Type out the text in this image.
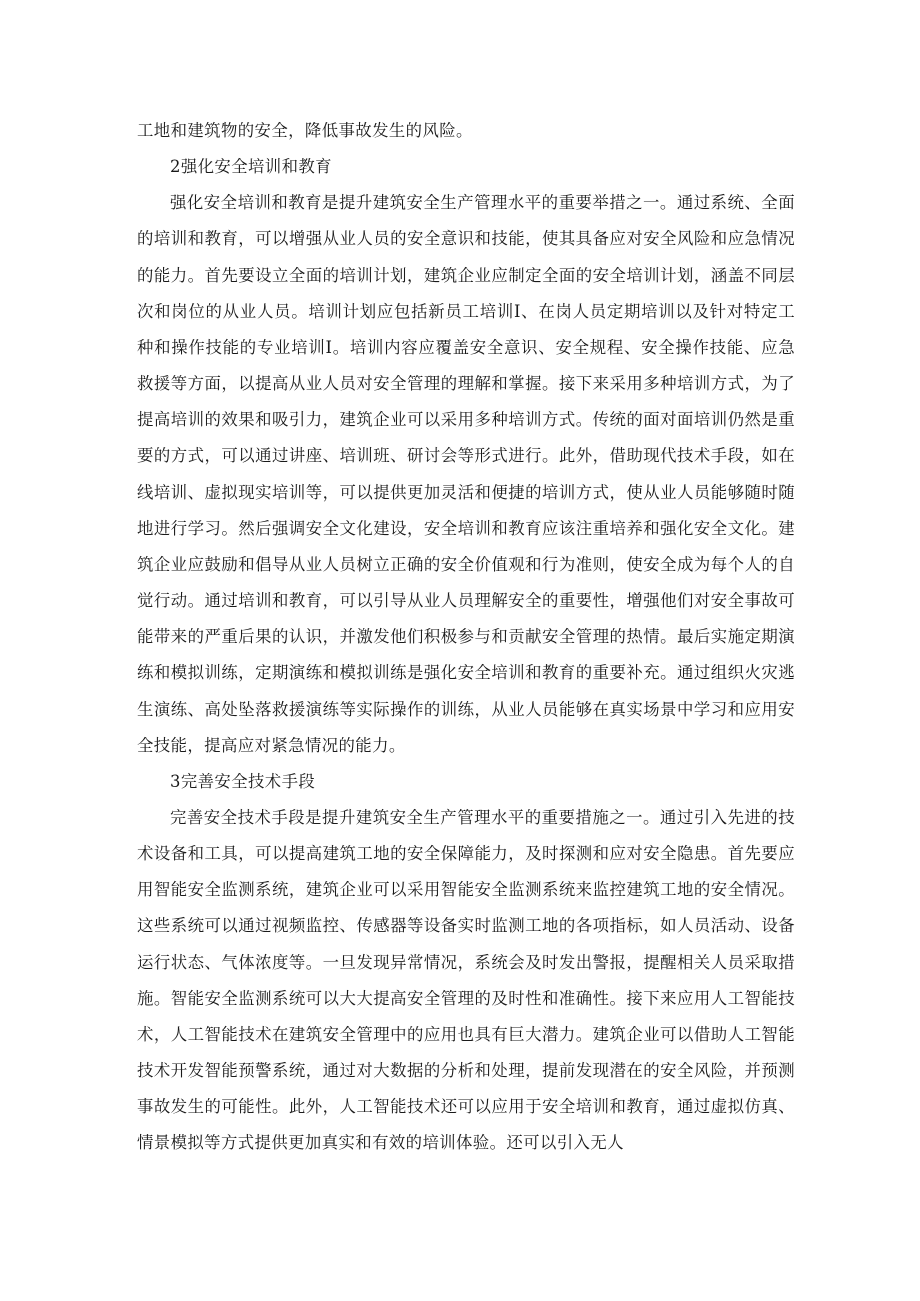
工地和建筑物的安全，降低事故发生的风险。

2强化安全培训和教育

强化安全培训和教育是提升建筑安全生产管理水平的重要举措之一。通过系统、全面的培训和教育，可以增强从业人员的安全意识和技能，使其具备应对安全风险和应急情况的能力。首先要设立全面的培训计划，建筑企业应制定全面的安全培训计划，涵盖不同层次和岗位的从业人员。培训计划应包括新员工培训I、在岗人员定期培训以及针对特定工种和操作技能的专业培训I。培训内容应覆盖安全意识、安全规程、安全操作技能、应急救援等方面，以提高从业人员对安全管理的理解和掌握。接下来采用多种培训方式，为了提高培训的效果和吸引力，建筑企业可以采用多种培训方式。传统的面对面培训仍然是重要的方式，可以通过讲座、培训班、研讨会等形式进行。此外，借助现代技术手段，如在线培训、虚拟现实培训等，可以提供更加灵活和便捷的培训方式，使从业人员能够随时随地进行学习。然后强调安全文化建设，安全培训和教育应该注重培养和强化安全文化。建筑企业应鼓励和倡导从业人员树立正确的安全价值观和行为准则，使安全成为每个人的自觉行动。通过培训和教育，可以引导从业人员理解安全的重要性，增强他们对安全事故可能带来的严重后果的认识，并激发他们积极参与和贡献安全管理的热情。最后实施定期演练和模拟训练，定期演练和模拟训练是强化安全培训和教育的重要补充。通过组织火灾逃生演练、高处坠落救援演练等实际操作的训练，从业人员能够在真实场景中学习和应用安全技能，提高应对紧急情况的能力。

3完善安全技术手段

完善安全技术手段是提升建筑安全生产管理水平的重要措施之一。通过引入先进的技术设备和工具，可以提高建筑工地的安全保障能力，及时探测和应对安全隐患。首先要应用智能安全监测系统，建筑企业可以采用智能安全监测系统来监控建筑工地的安全情况。这些系统可以通过视频监控、传感器等设备实时监测工地的各项指标，如人员活动、设备运行状态、气体浓度等。一旦发现异常情况，系统会及时发出警报，提醒相关人员采取措施。智能安全监测系统可以大大提高安全管理的及时性和准确性。接下来应用人工智能技术，人工智能技术在建筑安全管理中的应用也具有巨大潜力。建筑企业可以借助人工智能技术开发智能预警系统，通过对大数据的分析和处理，提前发现潜在的安全风险，并预测事故发生的可能性。此外，人工智能技术还可以应用于安全培训和教育，通过虚拟仿真、情景模拟等方式提供更加真实和有效的培训体验。还可以引入无人
